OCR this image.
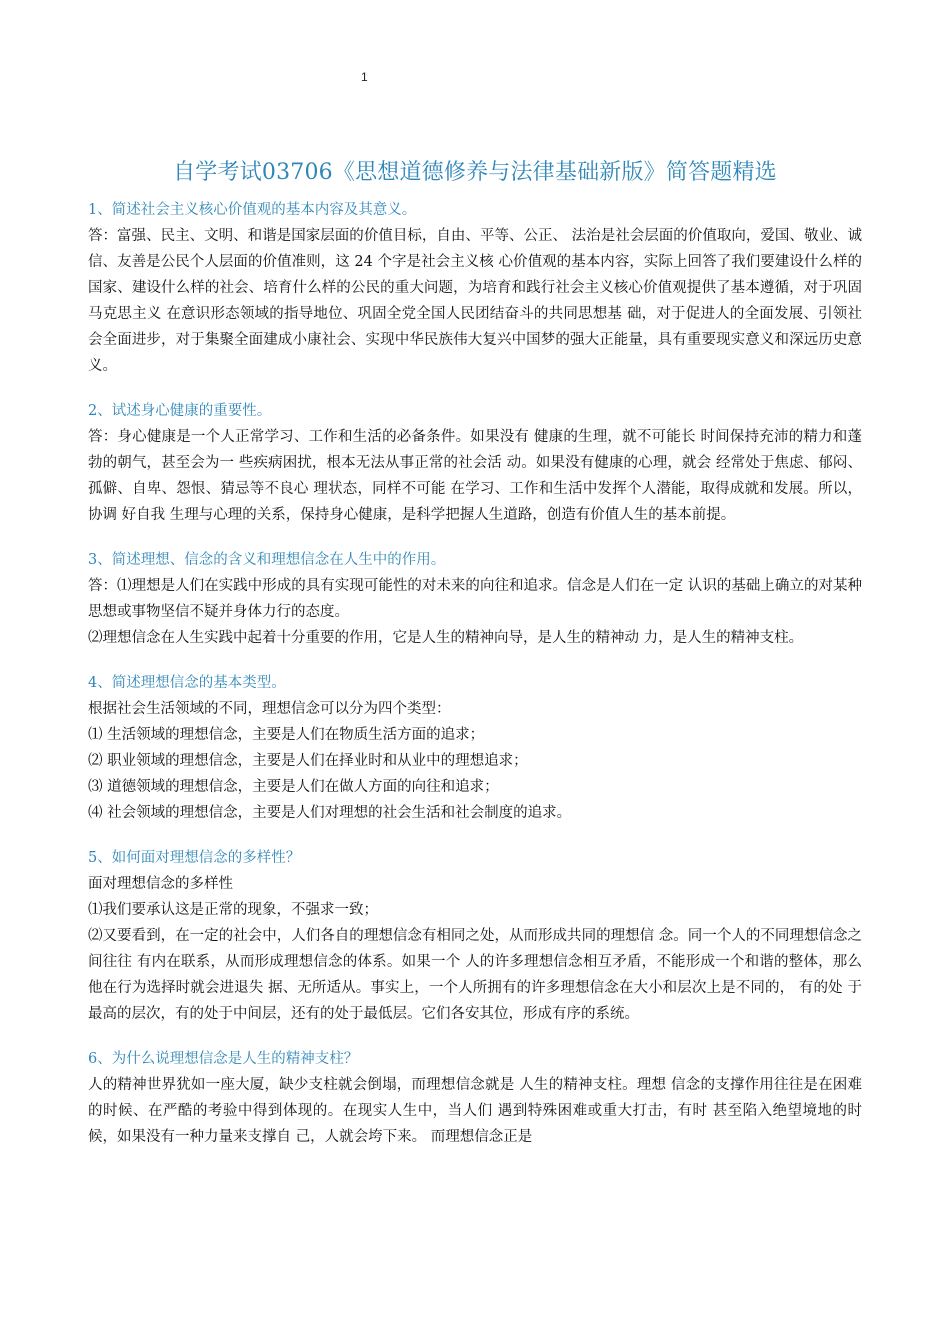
1
自学考试03706《思想道德修养与法律基础新版》简答题精选

1、简述社会主义核心价值观的基本内容及其意义。

答：富强、民主、文明、和谐是国家层面的价值目标，自由、平等、公正、 法治是社会层面的价值取向，爱国、敬业、诚信、友善是公民个人层面的价值准则，这 24 个字是社会主义核 心价值观的基本内容，实际上回答了我们要建设什么样的国家、建设什么样的社会、培育什么样的公民的重大问题，为培育和践行社会主义核心价值观提供了基本遵循，对于巩固马克思主义 在意识形态领域的指导地位、巩固全党全国人民团结奋斗的共同思想基 础，对于促进人的全面发展、引领社会全面进步，对于集聚全面建成小康社会、实现中华民族伟大复兴中国梦的强大正能量，具有重要现实意义和深远历史意义。

2、试述身心健康的重要性。

答：身心健康是一个人正常学习、工作和生活的必备条件。如果没有 健康的生理，就不可能长 时间保持充沛的精力和蓬勃的朝气，甚至会为一 些疾病困扰，根本无法从事正常的社会活 动。如果没有健康的心理，就会 经常处于焦虑、郁闷、孤僻、自卑、怨恨、猜忌等不良心 理状态，同样不可能 在学习、工作和生活中发挥个人潜能，取得成就和发展。所以，协调 好自我 生理与心理的关系，保持身心健康，是科学把握人生道路，创造有价值人生的基本前提。

3、简述理想、信念的含义和理想信念在人生中的作用。

答：⑴理想是人们在实践中形成的具有实现可能性的对未来的向往和追求。信念是人们在一定 认识的基础上确立的对某种思想或事物坚信不疑并身体力行的态度。

⑵理想信念在人生实践中起着十分重要的作用，它是人生的精神向导，是人生的精神动 力，是人生的精神支柱。

4、简述理想信念的基本类型。

根据社会生活领域的不同，理想信念可以分为四个类型：

⑴ 生活领域的理想信念，主要是人们在物质生活方面的追求；

⑵ 职业领域的理想信念，主要是人们在择业时和从业中的理想追求；

⑶ 道德领域的理想信念，主要是人们在做人方面的向往和追求；

⑷ 社会领域的理想信念，主要是人们对理想的社会生活和社会制度的追求。

5、如何面对理想信念的多样性？

面对理想信念的多样性

⑴我们要承认这是正常的现象，不强求一致；

⑵又要看到，在一定的社会中，人们各自的理想信念有相同之处，从而形成共同的理想信 念。同一个人的不同理想信念之间往往 有内在联系，从而形成理想信念的体系。如果一个 人的许多理想信念相互矛盾，不能形成一个和谐的整体，那么他在行为选择时就会进退失 据、无所适从。事实上，一个人所拥有的许多理想信念在大小和层次上是不同的， 有的处 于最高的层次，有的处于中间层，还有的处于最低层。它们各安其位，形成有序的系统。

6、为什么说理想信念是人生的精神支柱？

人的精神世界犹如一座大厦，缺少支柱就会倒塌，而理想信念就是 人生的精神支柱。理想 信念的支撑作用往往是在困难的时候、在严酷的考验中得到体现的。在现实人生中，当人们 遇到特殊困难或重大打击，有时 甚至陷入绝望境地的时候，如果没有一种力量来支撑自 己，人就会垮下来。 而理想信念正是
